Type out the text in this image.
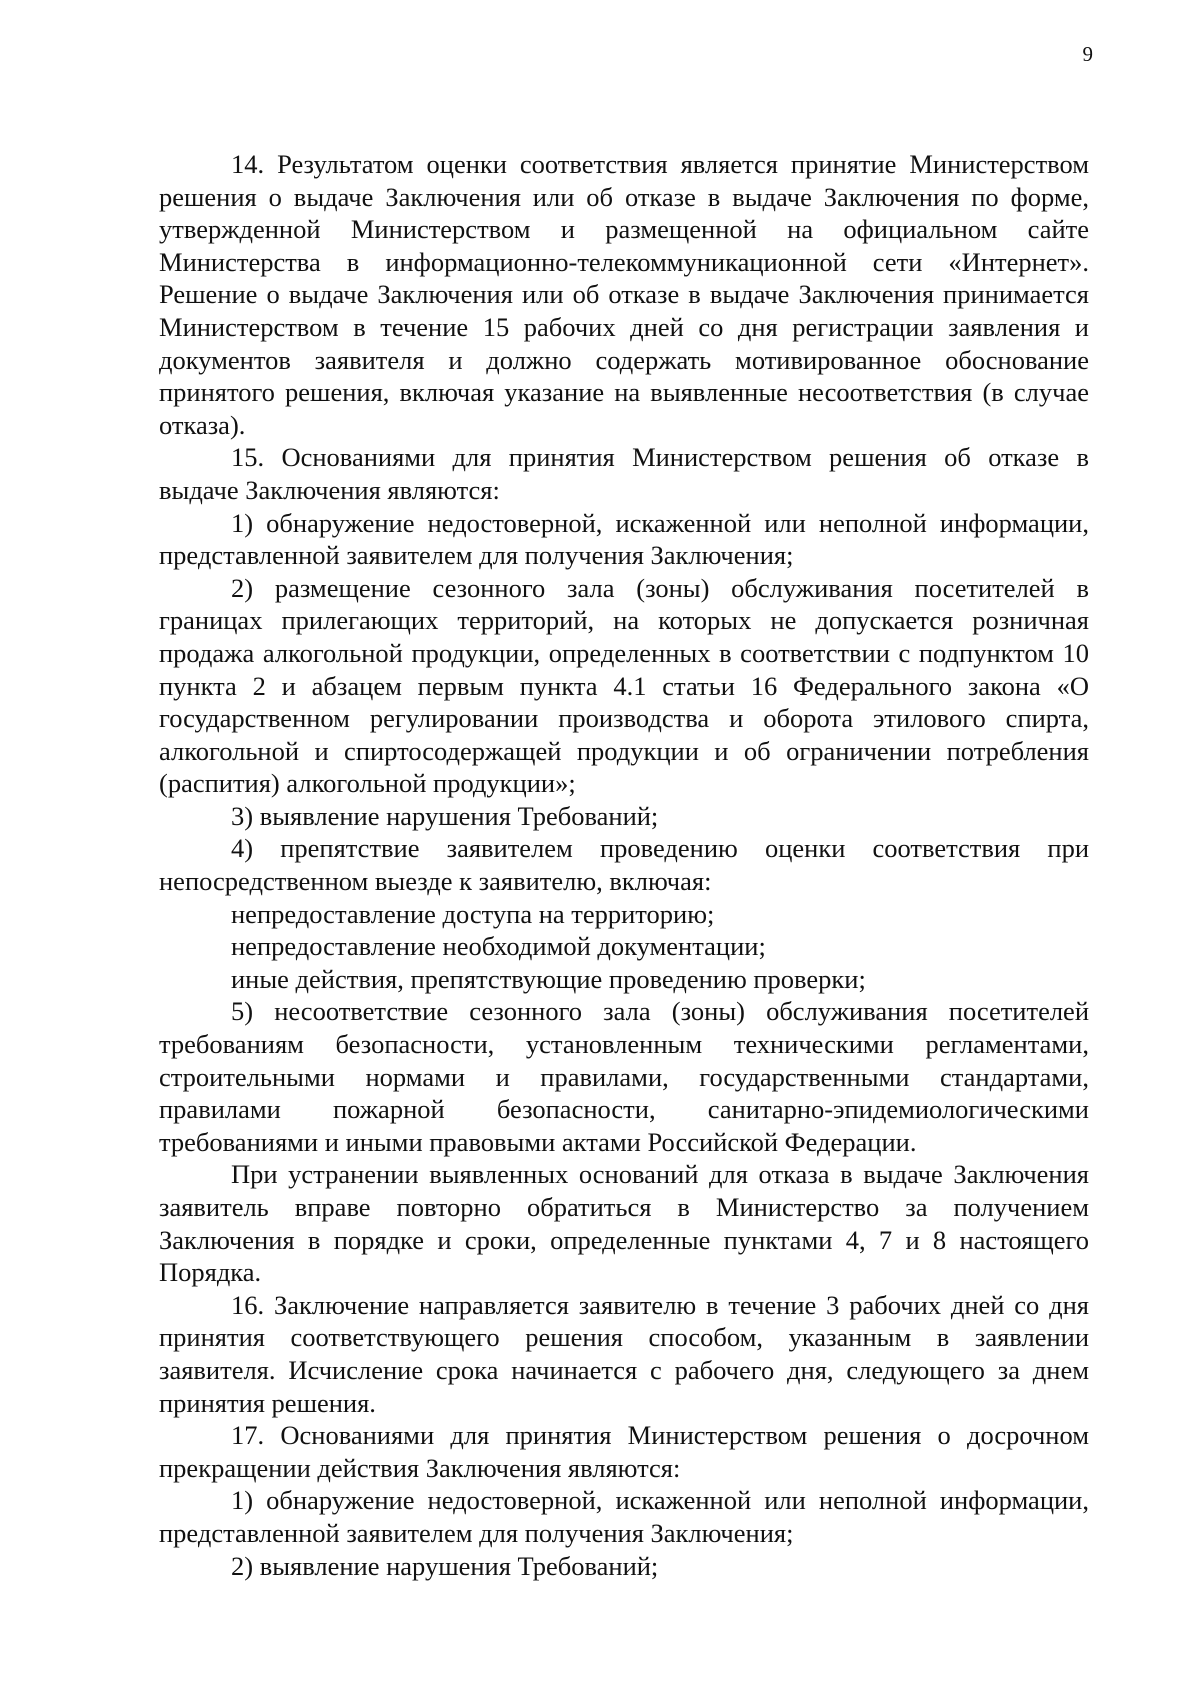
9

14. Результатом оценки соответствия является принятие Министерством решения о выдаче Заключения или об отказе в выдаче Заключения по форме, утвержденной Министерством и размещенной на официальном сайте Министерства в информационно-телекоммуникационной сети «Интернет». Решение о выдаче Заключения или об отказе в выдаче Заключения принимается Министерством в течение 15 рабочих дней со дня регистрации заявления и документов заявителя и должно содержать мотивированное обоснование принятого решения, включая указание на выявленные несоответствия (в случае отказа).

15. Основаниями для принятия Министерством решения об отказе в выдаче Заключения являются:

1) обнаружение недостоверной, искаженной или неполной информации, представленной заявителем для получения Заключения;

2) размещение сезонного зала (зоны) обслуживания посетителей в границах прилегающих территорий, на которых не допускается розничная продажа алкогольной продукции, определенных в соответствии с подпунктом 10 пункта 2 и абзацем первым пункта 4.1 статьи 16 Федерального закона «О государственном регулировании производства и оборота этилового спирта, алкогольной и спиртосодержащей продукции и об ограничении потребления (распития) алкогольной продукции»;

3) выявление нарушения Требований;

4) препятствие заявителем проведению оценки соответствия при непосредственном выезде к заявителю, включая:

непредоставление доступа на территорию;

непредоставление необходимой документации;

иные действия, препятствующие проведению проверки;

5) несоответствие сезонного зала (зоны) обслуживания посетителей требованиям безопасности, установленным техническими регламентами, строительными нормами и правилами, государственными стандартами, правилами пожарной безопасности, санитарно-эпидемиологическими требованиями и иными правовыми актами Российской Федерации.

При устранении выявленных оснований для отказа в выдаче Заключения заявитель вправе повторно обратиться в Министерство за получением Заключения в порядке и сроки, определенные пунктами 4, 7 и 8 настоящего Порядка.

16. Заключение направляется заявителю в течение 3 рабочих дней со дня принятия соответствующего решения способом, указанным в заявлении заявителя. Исчисление срока начинается с рабочего дня, следующего за днем принятия решения.

17. Основаниями для принятия Министерством решения о досрочном прекращении действия Заключения являются:

1) обнаружение недостоверной, искаженной или неполной информации, представленной заявителем для получения Заключения;

2) выявление нарушения Требований;
